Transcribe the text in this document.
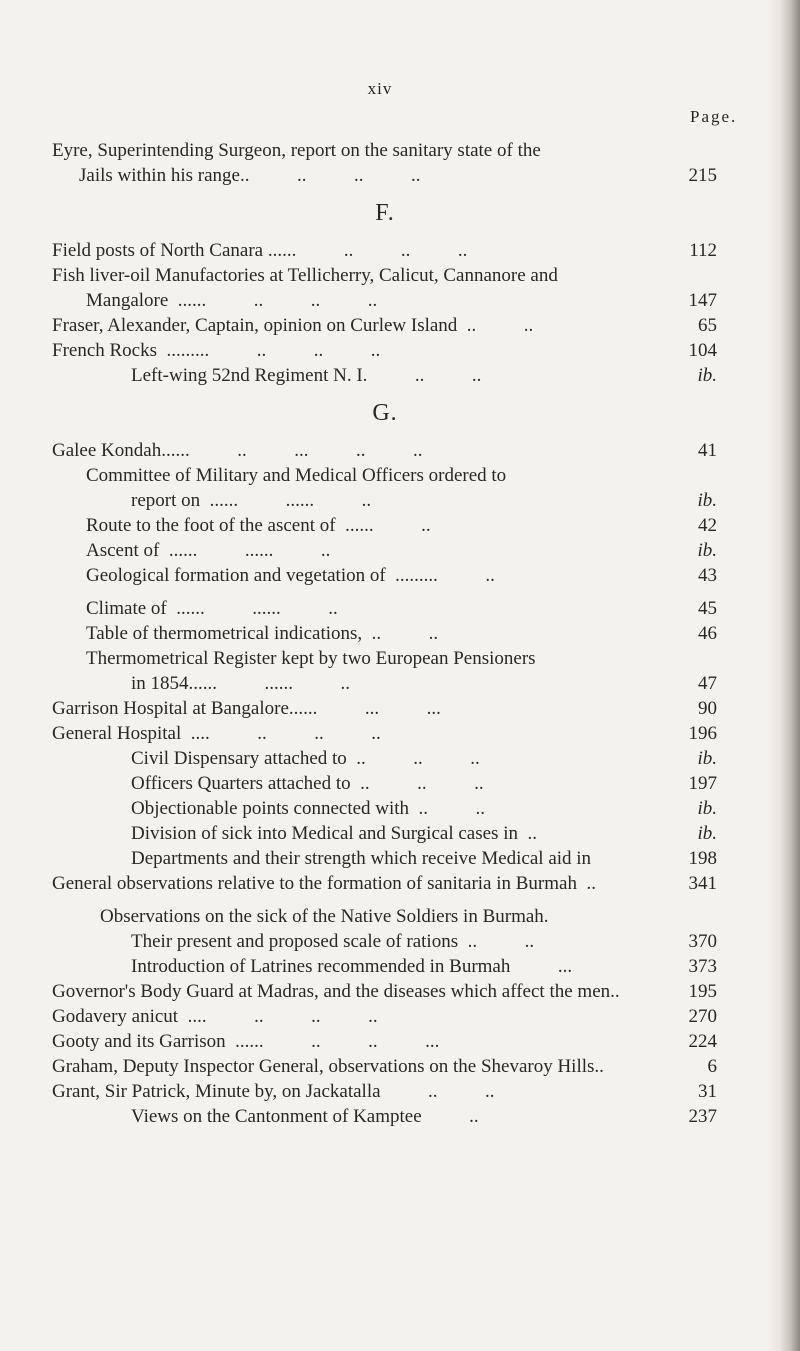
xiv
Page.
Eyre, Superintending Surgeon, report on the sanitary state of the
Jails within his range..          ..          ..          ..	215
F.
Field posts of North Canara ......          ..          ..          ..	112
Fish liver-oil Manufactories at Tellicherry, Calicut, Cannanore and
Mangalore  ......          ..          ..          ..	147
Fraser, Alexander, Captain, opinion on Curlew Island  ..          ..	65
French Rocks  .........          ..          ..          ..	104
Left-wing 52nd Regiment N. I.          ..          ..	ib.
G.
Galee Kondah......          ..          ...          ..          ..	41
Committee of Military and Medical Officers ordered to
report on  ......          ......          ..	ib.
Route to the foot of the ascent of  ......          ..	42
Ascent of  ......          ......          ..	ib.
Geological formation and vegetation of  .........          ..	43
Climate of  ......          ......          ..	45
Table of thermometrical indications,  ..          ..	46
Thermometrical Register kept by two European Pensioners
in 1854......          ......          ..	47
Garrison Hospital at Bangalore......          ...          ...	90
General Hospital  ....          ..          ..          ..	196
Civil Dispensary attached to  ..          ..          ..	ib.
Officers Quarters attached to  ..          ..          ..	197
Objectionable points connected with  ..          ..	ib.
Division of sick into Medical and Surgical cases in  ..	ib.
Departments and their strength which receive Medical aid in	198
General observations relative to the formation of sanitaria in Burmah  ..	341
Observations on the sick of the Native Soldiers in Burmah.
Their present and proposed scale of rations  ..          ..	370
Introduction of Latrines recommended in Burmah          ...	373
Governor's Body Guard at Madras, and the diseases which affect the men..	195
Godavery anicut  ....          ..          ..          ..	270
Gooty and its Garrison  ......          ..          ..          ...	224
Graham, Deputy Inspector General, observations on the Shevaroy Hills..	6
Grant, Sir Patrick, Minute by, on Jackatalla          ..          ..	31
Views on the Cantonment of Kamptee          ..	237
